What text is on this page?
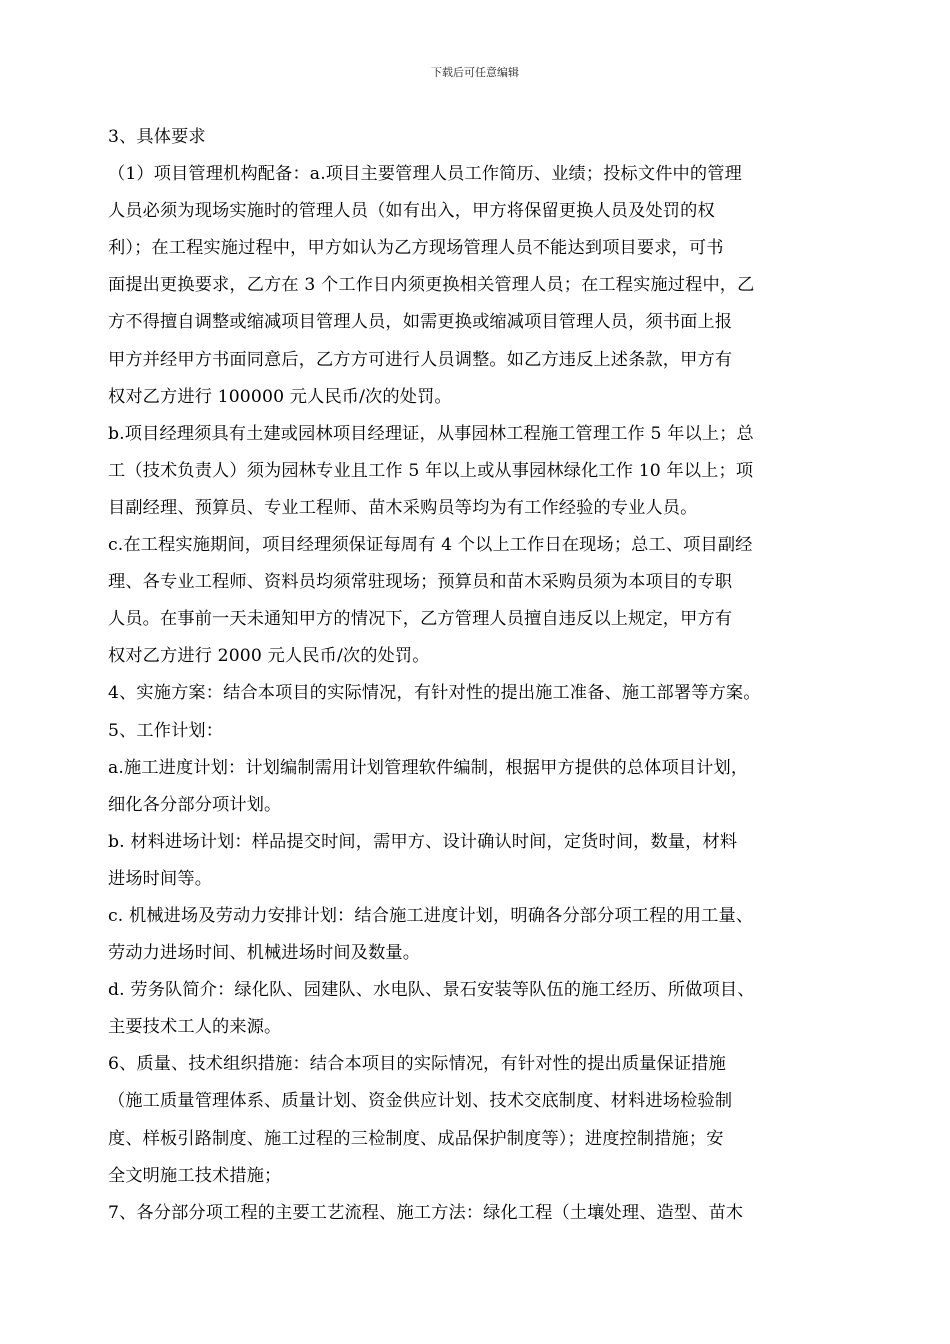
下载后可任意编辑
3、具体要求
（1）项目管理机构配备：a.项目主要管理人员工作简历、业绩；投标文件中的管理
人员必须为现场实施时的管理人员（如有出入，甲方将保留更换人员及处罚的权
利）；在工程实施过程中，甲方如认为乙方现场管理人员不能达到项目要求，可书
面提出更换要求，乙方在 3 个工作日内须更换相关管理人员；在工程实施过程中，乙
方不得擅自调整或缩减项目管理人员，如需更换或缩减项目管理人员，须书面上报
甲方并经甲方书面同意后，乙方方可进行人员调整。如乙方违反上述条款，甲方有
权对乙方进行 100000 元人民币/次的处罚。
b.项目经理须具有土建或园林项目经理证，从事园林工程施工管理工作 5 年以上；总
工（技术负责人）须为园林专业且工作 5 年以上或从事园林绿化工作 10 年以上；项
目副经理、预算员、专业工程师、苗木采购员等均为有工作经验的专业人员。
c.在工程实施期间，项目经理须保证每周有 4 个以上工作日在现场；总工、项目副经
理、各专业工程师、资料员均须常驻现场；预算员和苗木采购员须为本项目的专职
人员。在事前一天未通知甲方的情况下，乙方管理人员擅自违反以上规定，甲方有
权对乙方进行 2000 元人民币/次的处罚。
4、实施方案：结合本项目的实际情况，有针对性的提出施工准备、施工部署等方案。
5、工作计划：
a.施工进度计划：计划编制需用计划管理软件编制，根据甲方提供的总体项目计划，
细化各分部分项计划。
b. 材料进场计划：样品提交时间，需甲方、设计确认时间，定货时间，数量，材料
进场时间等。
c. 机械进场及劳动力安排计划：结合施工进度计划，明确各分部分项工程的用工量、
劳动力进场时间、机械进场时间及数量。
d. 劳务队简介：绿化队、园建队、水电队、景石安装等队伍的施工经历、所做项目、
主要技术工人的来源。
6、质量、技术组织措施：结合本项目的实际情况，有针对性的提出质量保证措施
（施工质量管理体系、质量计划、资金供应计划、技术交底制度、材料进场检验制
度、样板引路制度、施工过程的三检制度、成品保护制度等）；进度控制措施；安
全文明施工技术措施；
7、各分部分项工程的主要工艺流程、施工方法：绿化工程（土壤处理、造型、苗木
